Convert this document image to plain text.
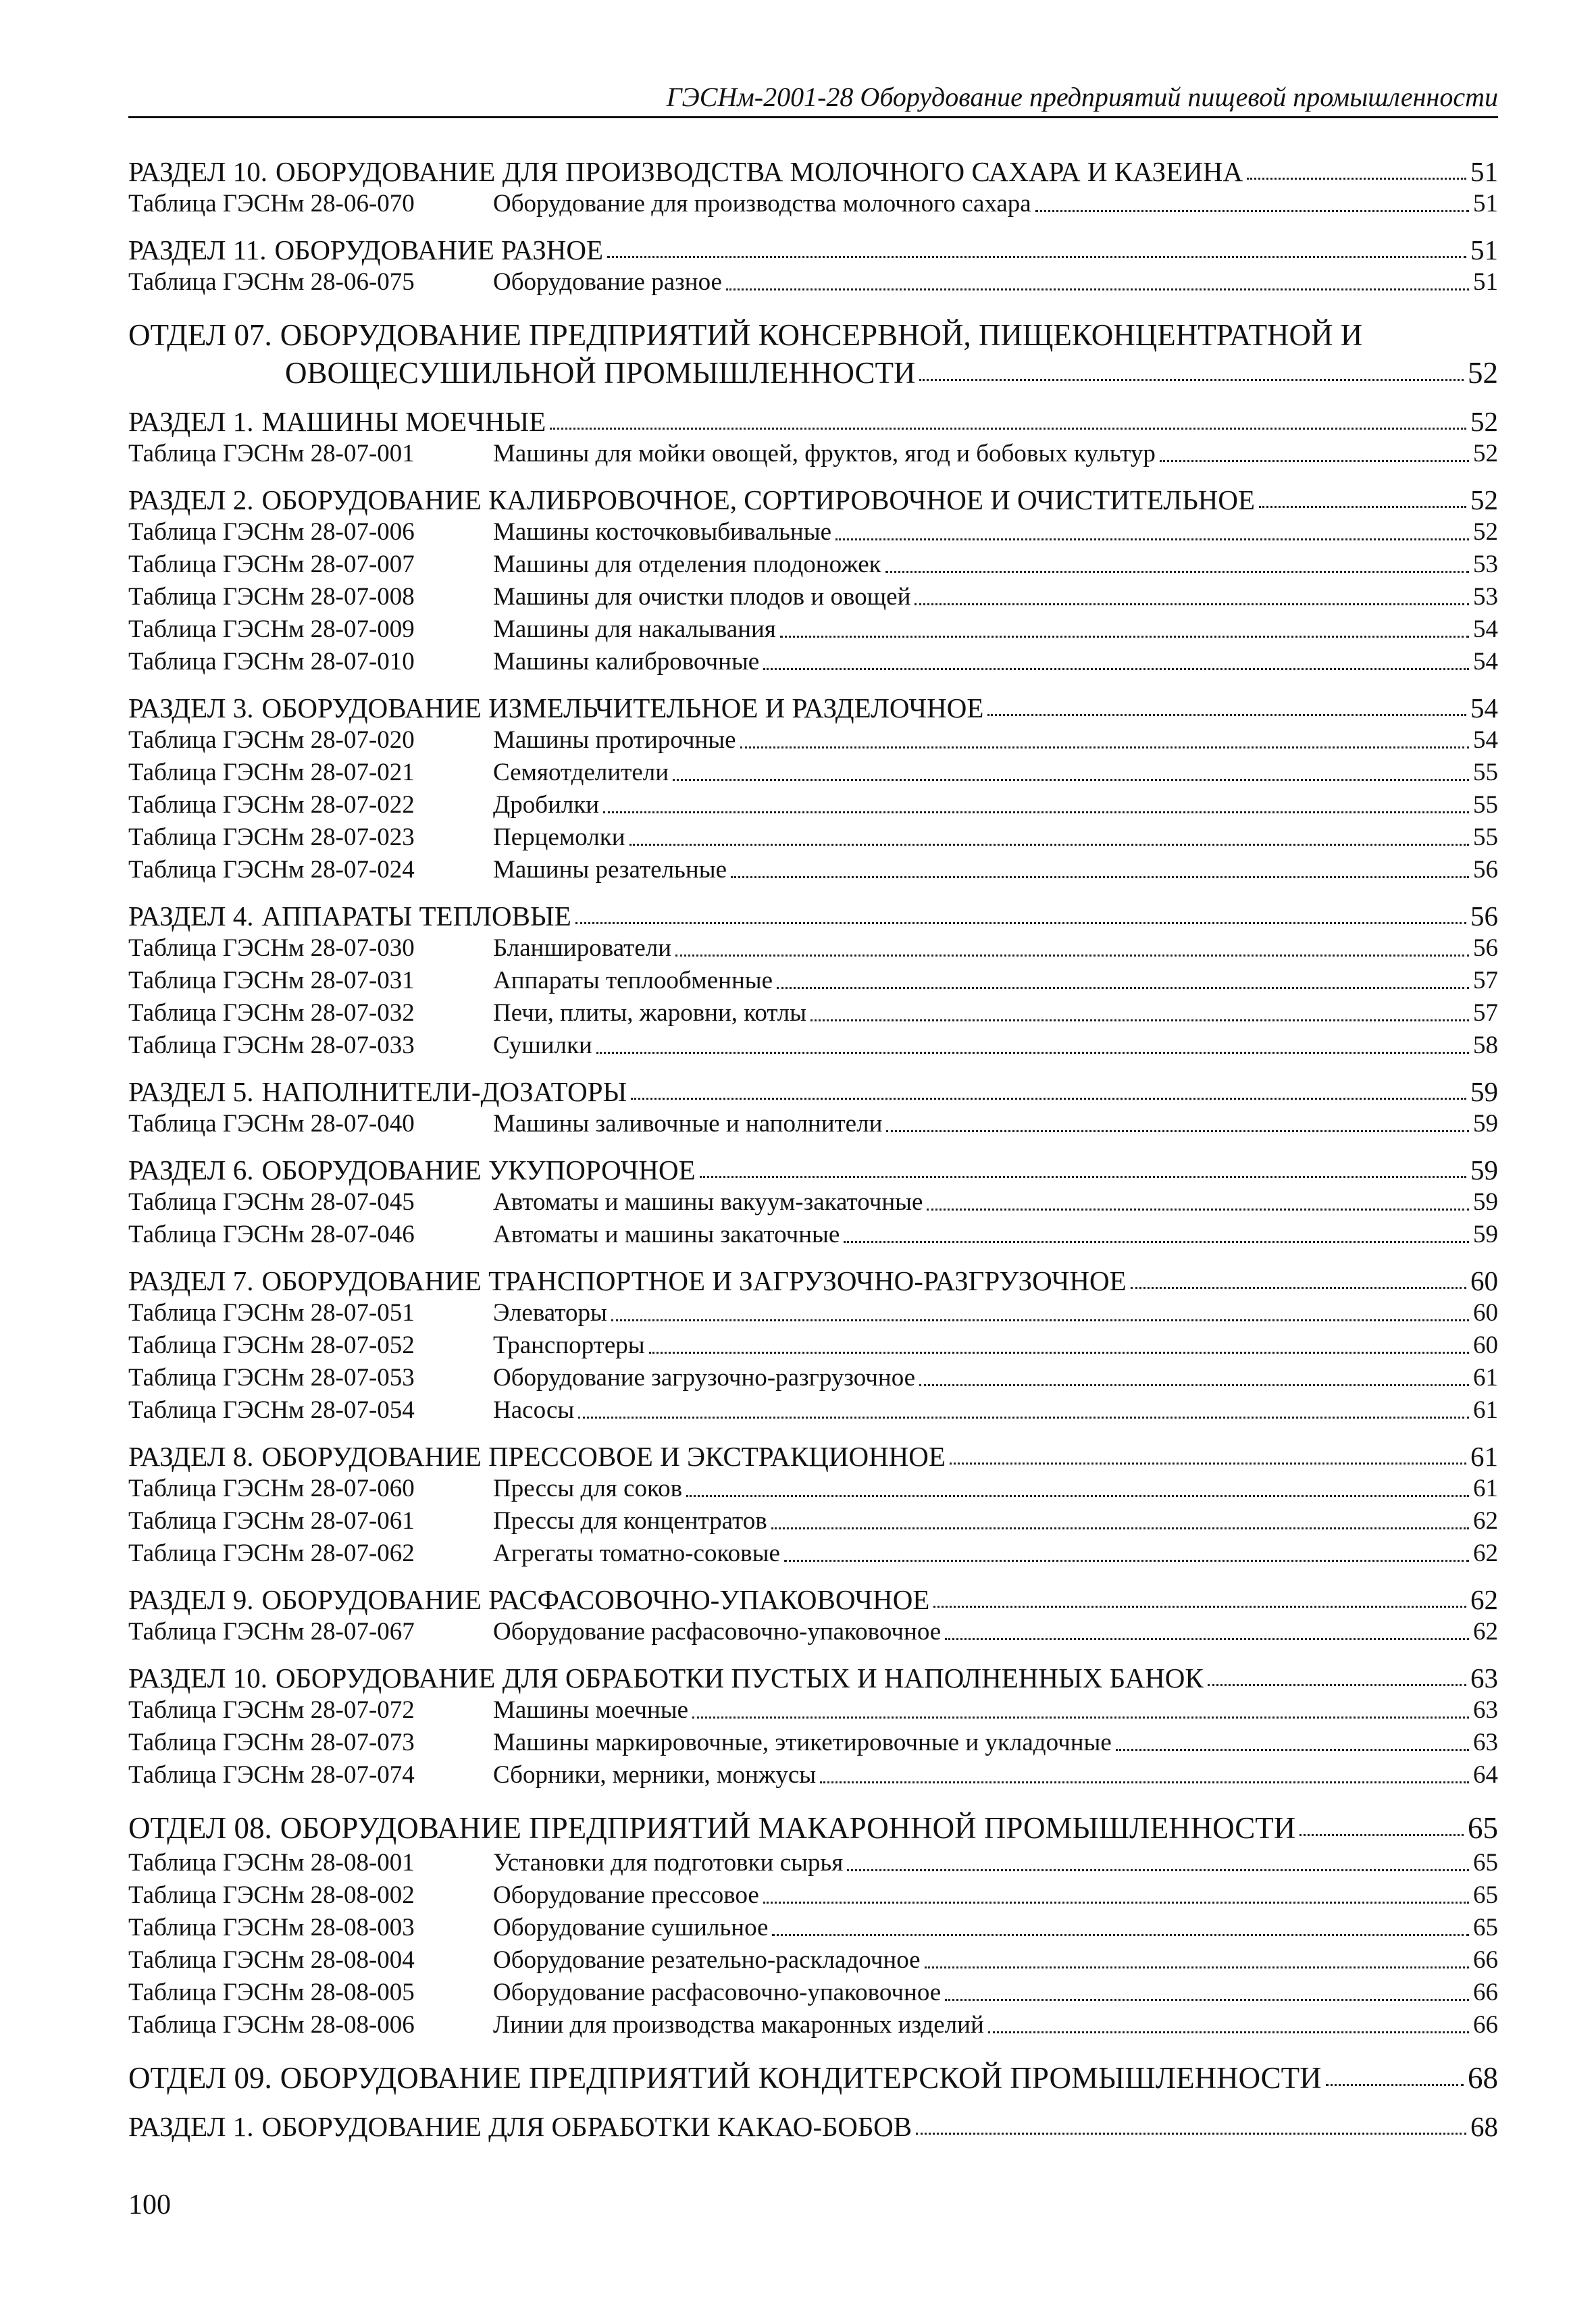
ГЭСНм-2001-28 Оборудование предприятий пищевой промышленности
РАЗДЕЛ 10. ОБОРУДОВАНИЕ ДЛЯ ПРОИЗВОДСТВА МОЛОЧНОГО САХАРА И КАЗЕИНА	51
Таблица ГЭСНм 28-06-070	Оборудование для производства молочного сахара	51
РАЗДЕЛ 11. ОБОРУДОВАНИЕ РАЗНОЕ	51
Таблица ГЭСНм 28-06-075	Оборудование разное	51
ОТДЕЛ 07. ОБОРУДОВАНИЕ ПРЕДПРИЯТИЙ КОНСЕРВНОЙ, ПИЩЕКОНЦЕНТРАТНОЙ И
ОВОЩЕСУШИЛЬНОЙ ПРОМЫШЛЕННОСТИ	52
РАЗДЕЛ 1. МАШИНЫ МОЕЧНЫЕ	52
Таблица ГЭСНм 28-07-001	Машины для мойки овощей, фруктов, ягод и бобовых культур	52
РАЗДЕЛ 2. ОБОРУДОВАНИЕ КАЛИБРОВОЧНОЕ, СОРТИРОВОЧНОЕ И ОЧИСТИТЕЛЬНОЕ	52
Таблица ГЭСНм 28-07-006	Машины косточковыбивальные	52
Таблица ГЭСНм 28-07-007	Машины для отделения плодоножек	53
Таблица ГЭСНм 28-07-008	Машины для очистки плодов и овощей	53
Таблица ГЭСНм 28-07-009	Машины для накалывания	54
Таблица ГЭСНм 28-07-010	Машины калибровочные	54
РАЗДЕЛ 3. ОБОРУДОВАНИЕ ИЗМЕЛЬЧИТЕЛЬНОЕ И РАЗДЕЛОЧНОЕ	54
Таблица ГЭСНм 28-07-020	Машины протирочные	54
Таблица ГЭСНм 28-07-021	Семяотделители	55
Таблица ГЭСНм 28-07-022	Дробилки	55
Таблица ГЭСНм 28-07-023	Перцемолки	55
Таблица ГЭСНм 28-07-024	Машины резательные	56
РАЗДЕЛ 4. АППАРАТЫ ТЕПЛОВЫЕ	56
Таблица ГЭСНм 28-07-030	Бланширователи	56
Таблица ГЭСНм 28-07-031	Аппараты теплообменные	57
Таблица ГЭСНм 28-07-032	Печи, плиты, жаровни, котлы	57
Таблица ГЭСНм 28-07-033	Сушилки	58
РАЗДЕЛ 5. НАПОЛНИТЕЛИ-ДОЗАТОРЫ	59
Таблица ГЭСНм 28-07-040	Машины заливочные и наполнители	59
РАЗДЕЛ 6. ОБОРУДОВАНИЕ УКУПОРОЧНОЕ	59
Таблица ГЭСНм 28-07-045	Автоматы и машины вакуум-закаточные	59
Таблица ГЭСНм 28-07-046	Автоматы и машины закаточные	59
РАЗДЕЛ 7. ОБОРУДОВАНИЕ ТРАНСПОРТНОЕ И ЗАГРУЗОЧНО-РАЗГРУЗОЧНОЕ	60
Таблица ГЭСНм 28-07-051	Элеваторы	60
Таблица ГЭСНм 28-07-052	Транспортеры	60
Таблица ГЭСНм 28-07-053	Оборудование загрузочно-разгрузочное	61
Таблица ГЭСНм 28-07-054	Насосы	61
РАЗДЕЛ 8. ОБОРУДОВАНИЕ ПРЕССОВОЕ И ЭКСТРАКЦИОННОЕ	61
Таблица ГЭСНм 28-07-060	Прессы для соков	61
Таблица ГЭСНм 28-07-061	Прессы для концентратов	62
Таблица ГЭСНм 28-07-062	Агрегаты томатно-соковые	62
РАЗДЕЛ 9. ОБОРУДОВАНИЕ РАСФАСОВОЧНО-УПАКОВОЧНОЕ	62
Таблица ГЭСНм 28-07-067	Оборудование расфасовочно-упаковочное	62
РАЗДЕЛ 10. ОБОРУДОВАНИЕ ДЛЯ ОБРАБОТКИ ПУСТЫХ И НАПОЛНЕННЫХ БАНОК	63
Таблица ГЭСНм 28-07-072	Машины моечные	63
Таблица ГЭСНм 28-07-073	Машины маркировочные, этикетировочные и укладочные	63
Таблица ГЭСНм 28-07-074	Сборники, мерники, монжусы	64
ОТДЕЛ 08. ОБОРУДОВАНИЕ ПРЕДПРИЯТИЙ МАКАРОННОЙ ПРОМЫШЛЕННОСТИ	65
Таблица ГЭСНм 28-08-001	Установки для подготовки сырья	65
Таблица ГЭСНм 28-08-002	Оборудование прессовое	65
Таблица ГЭСНм 28-08-003	Оборудование сушильное	65
Таблица ГЭСНм 28-08-004	Оборудование резательно-раскладочное	66
Таблица ГЭСНм 28-08-005	Оборудование расфасовочно-упаковочное	66
Таблица ГЭСНм 28-08-006	Линии для производства макаронных изделий	66
ОТДЕЛ 09. ОБОРУДОВАНИЕ ПРЕДПРИЯТИЙ КОНДИТЕРСКОЙ ПРОМЫШЛЕННОСТИ	68
РАЗДЕЛ 1. ОБОРУДОВАНИЕ ДЛЯ ОБРАБОТКИ КАКАО-БОБОВ	68
100
